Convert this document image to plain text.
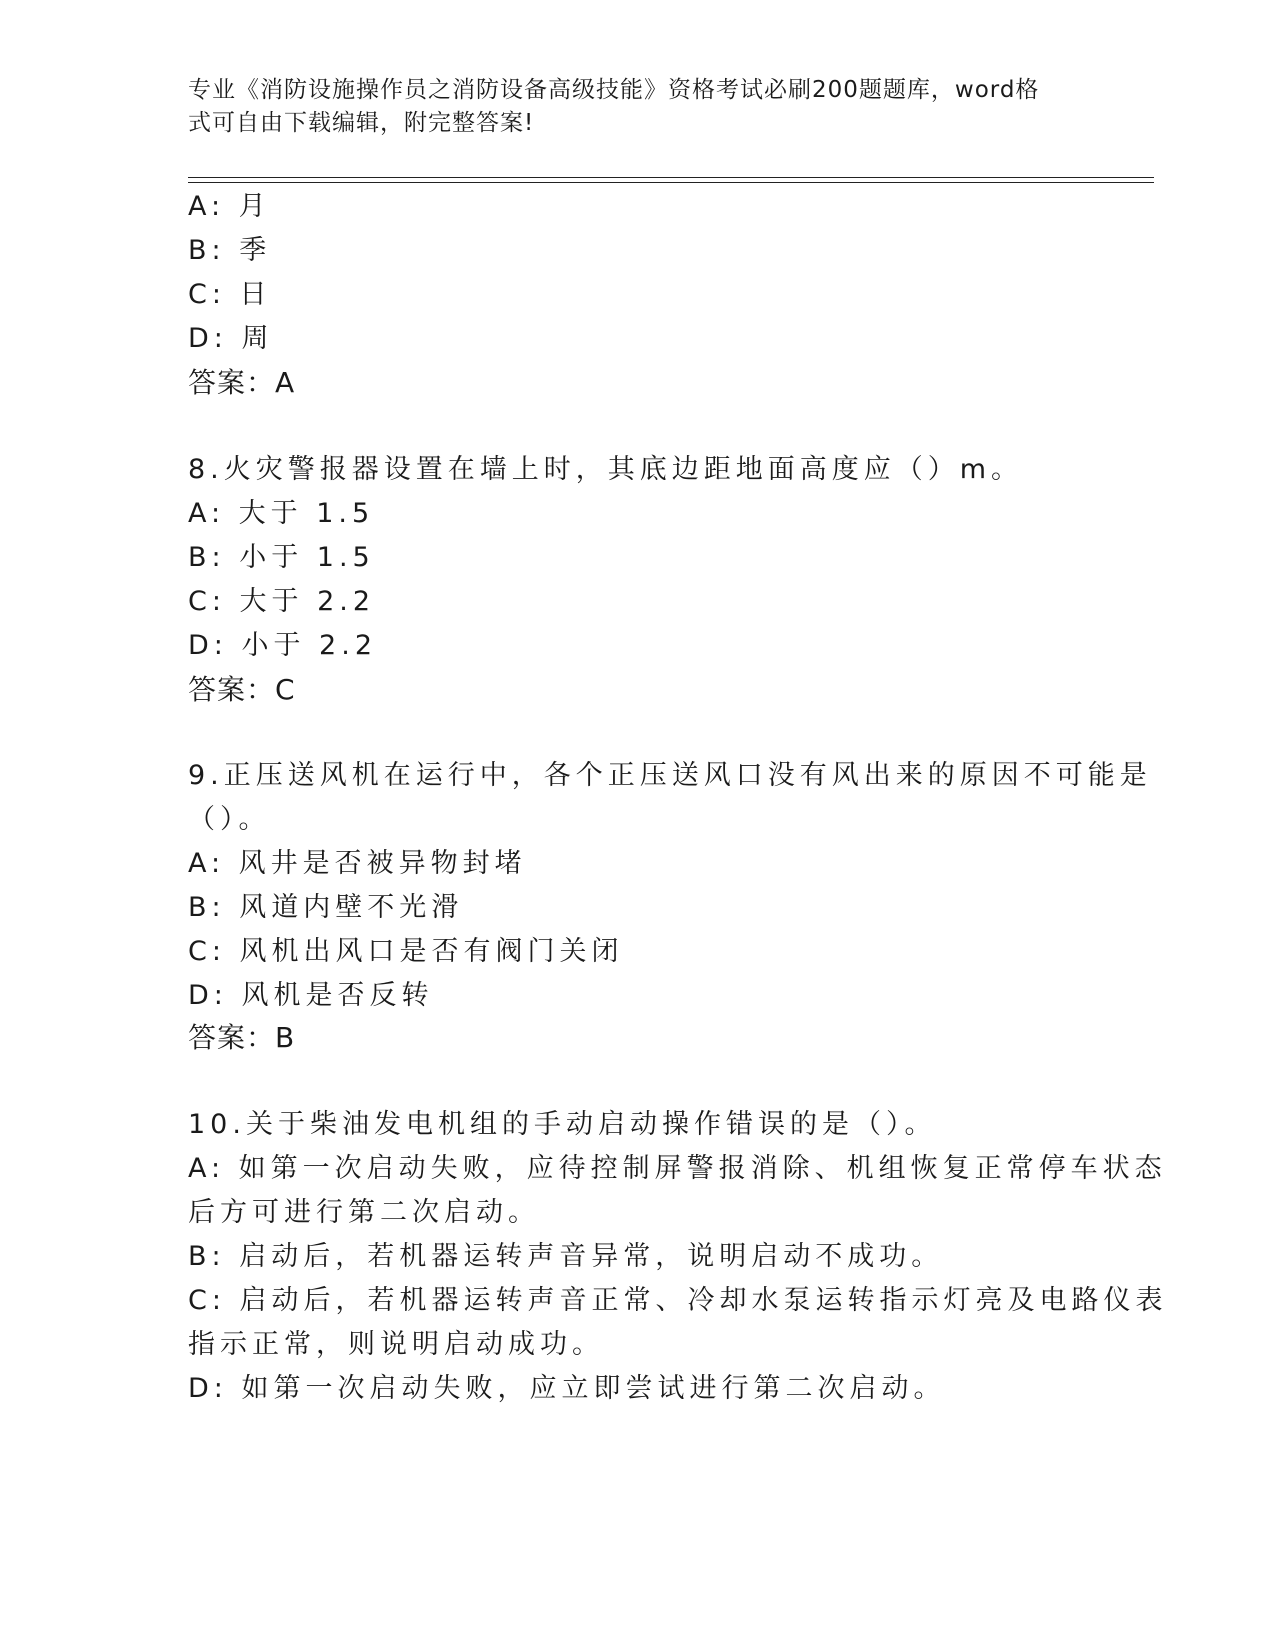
专业《消防设施操作员之消防设备高级技能》资格考试必刷200题题库，word格
式可自由下载编辑，附完整答案!
A: 月
B: 季
C: 日
D: 周
答案：A
8.火灾警报器设置在墙上时，其底边距地面高度应（）m。
A: 大于 1.5
B: 小于 1.5
C: 大于 2.2
D: 小于 2.2
答案：C
9.正压送风机在运行中，各个正压送风口没有风出来的原因不可能是
（）。
A: 风井是否被异物封堵
B: 风道内壁不光滑
C: 风机出风口是否有阀门关闭
D: 风机是否反转
答案：B
10.关于柴油发电机组的手动启动操作错误的是（）。
A: 如第一次启动失败，应待控制屏警报消除、机组恢复正常停车状态
后方可进行第二次启动。
B: 启动后，若机器运转声音异常，说明启动不成功。
C: 启动后，若机器运转声音正常、冷却水泵运转指示灯亮及电路仪表
指示正常，则说明启动成功。
D: 如第一次启动失败，应立即尝试进行第二次启动。
